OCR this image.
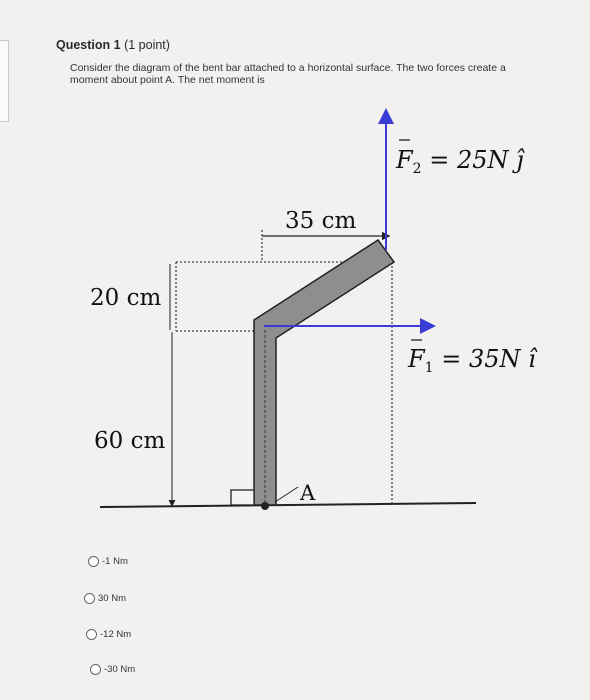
Question 1 (1 point)
Consider the diagram of the bent bar attached to a horizontal surface. The two forces create a moment about point A. The net moment is
35 cm
20 cm
60 cm
A
$F_2 = 25N$ ĵ
$F_1 = 35N$ î
-1 Nm
30 Nm
-12 Nm
-30 Nm
